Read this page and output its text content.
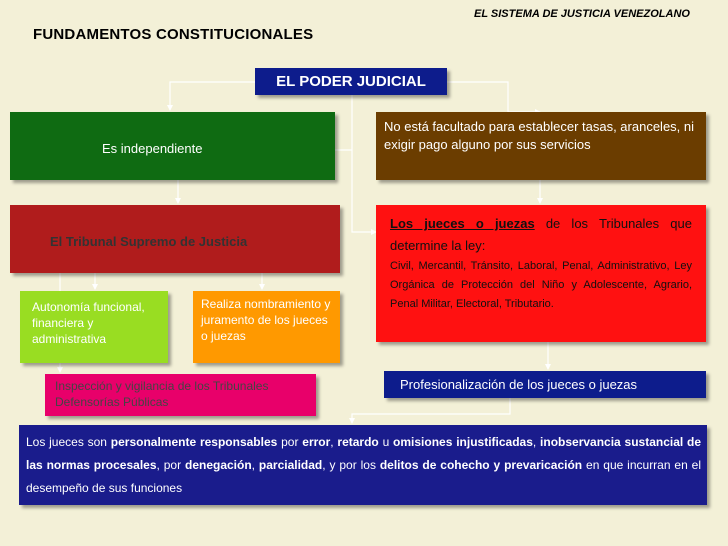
EL SISTEMA DE JUSTICIA VENEZOLANO
FUNDAMENTOS CONSTITUCIONALES
EL PODER JUDICIAL
Es independiente
No está facultado para establecer tasas, aranceles, ni exigir pago alguno por sus servicios
El Tribunal Supremo de Justicia
Los jueces o juezas de los Tribunales que determine la ley:
Civil, Mercantil, Tránsito, Laboral, Penal, Administrativo, Ley Orgánica de Protección del Niño y Adolescente, Agrario, Penal Militar, Electoral, Tributario.
Autonomía funcional, financiera y administrativa
Realiza nombramiento y juramento de los jueces o juezas
Inspección y vigilancia de los Tribunales
Defensorías Públicas
Profesionalización de los jueces o juezas
Los jueces son personalmente responsables por error, retardo u omisiones injustificadas, inobservancia sustancial de las normas procesales, por denegación, parcialidad, y por los delitos de cohecho y prevaricación en que incurran en el desempeño de sus funciones
